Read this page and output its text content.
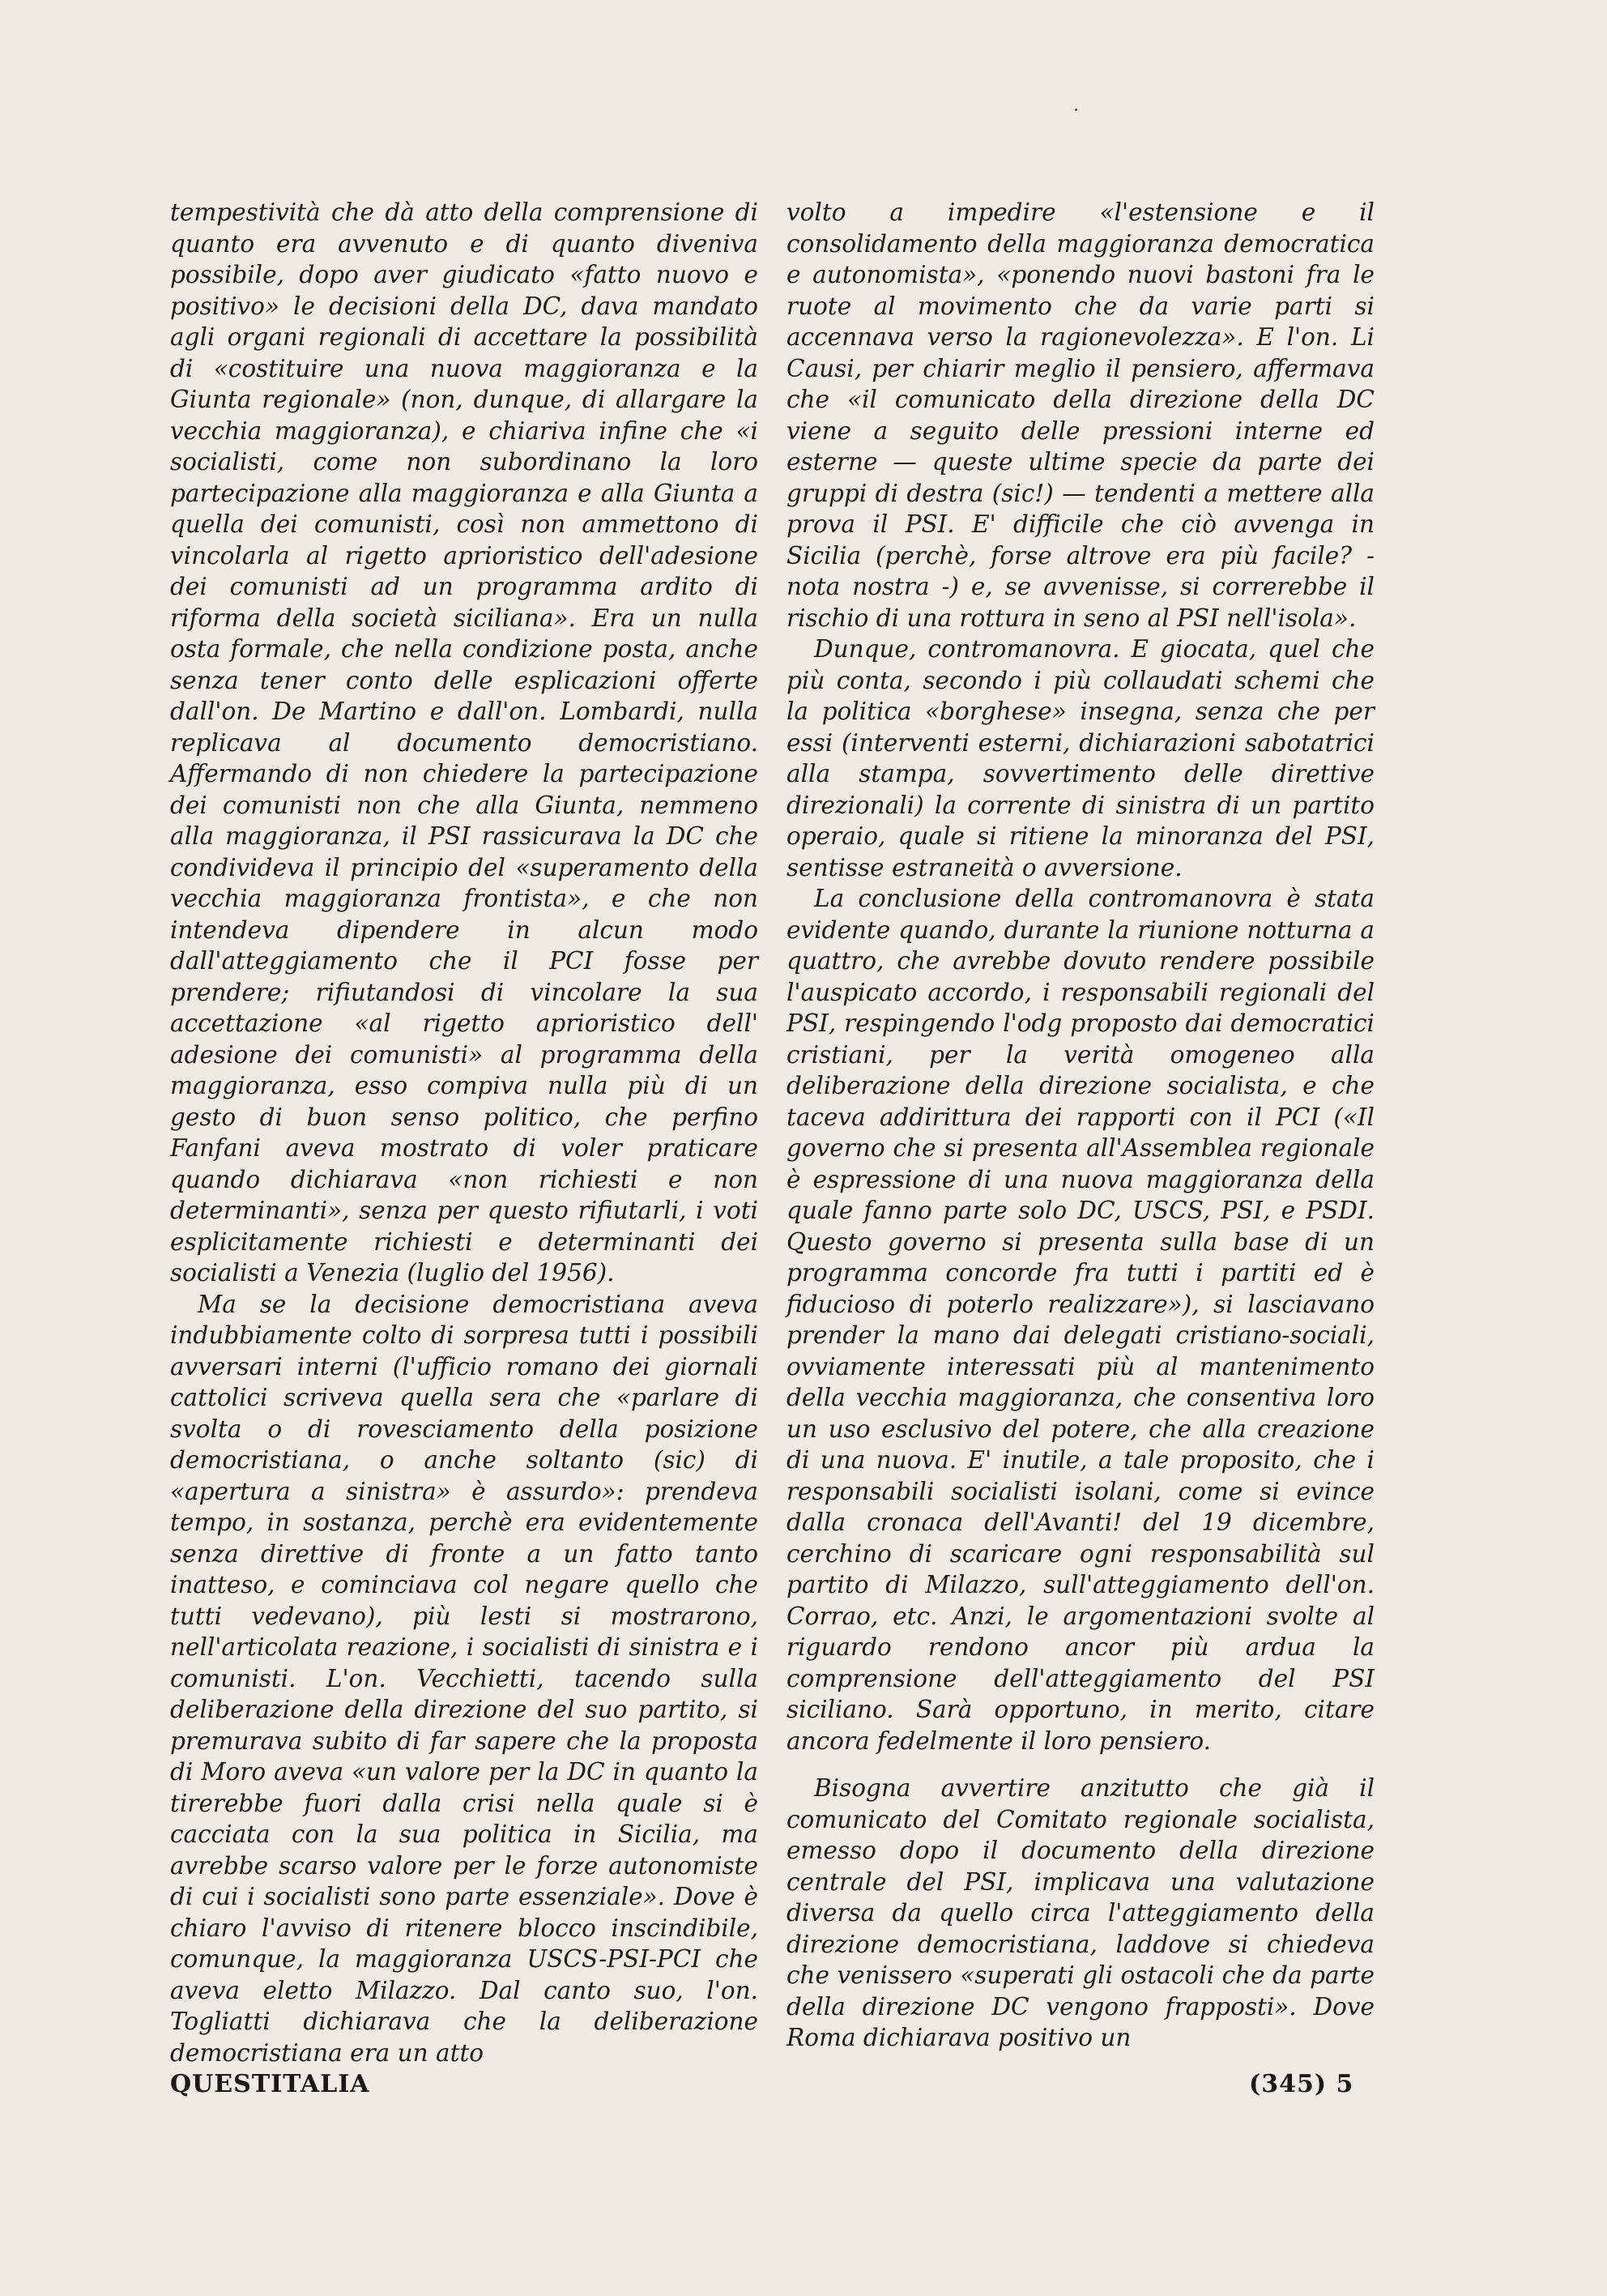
tempestività che dà atto della comprensione di quanto era avvenuto e di quanto diveniva possibile, dopo aver giudicato «fatto nuovo e positivo» le decisioni della DC, dava mandato agli organi regionali di accettare la possibilità di «costituire una nuova maggioranza e la Giunta regionale» (non, dunque, di allargare la vecchia maggioranza), e chiariva infine che «i socialisti, come non subordinano la loro partecipazione alla maggioranza e alla Giunta a quella dei comunisti, così non ammettono di vincolarla al rigetto aprioristico dell'adesione dei comunisti ad un programma ardito di riforma della società siciliana». Era un nulla osta formale, che nella condizione posta, anche senza tener conto delle esplicazioni offerte dall'on. De Martino e dall'on. Lombardi, nulla replicava al documento democristiano. Affermando di non chiedere la partecipazione dei comunisti non che alla Giunta, nemmeno alla maggioranza, il PSI rassicurava la DC che condivideva il principio del «superamento della vecchia maggioranza frontista», e che non intendeva dipendere in alcun modo dall'atteggiamento che il PCI fosse per prendere; rifiutandosi di vincolare la sua accettazione «al rigetto aprioristico dell' adesione dei comunisti» al programma della maggioranza, esso compiva nulla più di un gesto di buon senso politico, che perfino Fanfani aveva mostrato di voler praticare quando dichiarava «non richiesti e non determinanti», senza per questo rifiutarli, i voti esplicitamente richiesti e determinanti dei socialisti a Venezia (luglio del 1956).

Ma se la decisione democristiana aveva indubbiamente colto di sorpresa tutti i possibili avversari interni (l'ufficio romano dei giornali cattolici scriveva quella sera che «parlare di svolta o di rovesciamento della posizione democristiana, o anche soltanto (sic) di «apertura a sinistra» è assurdo»: prendeva tempo, in sostanza, perchè era evidentemente senza direttive di fronte a un fatto tanto inatteso, e cominciava col negare quello che tutti vedevano), più lesti si mostrarono, nell'articolata reazione, i socialisti di sinistra e i comunisti. L'on. Vecchietti, tacendo sulla deliberazione della direzione del suo partito, si premurava subito di far sapere che la proposta di Moro aveva «un valore per la DC in quanto la tirerebbe fuori dalla crisi nella quale si è cacciata con la sua politica in Sicilia, ma avrebbe scarso valore per le forze autonomiste di cui i socialisti sono parte essenziale». Dove è chiaro l'avviso di ritenere blocco inscindibile, comunque, la maggioranza USCS-PSI-PCI che aveva eletto Milazzo. Dal canto suo, l'on. Togliatti dichiarava che la deliberazione democristiana era un atto

volto a impedire «l'estensione e il consolidamento della maggioranza democratica e autonomista», «ponendo nuovi bastoni fra le ruote al movimento che da varie parti si accennava verso la ragionevolezza». E l'on. Li Causi, per chiarir meglio il pensiero, affermava che «il comunicato della direzione della DC viene a seguito delle pressioni interne ed esterne — queste ultime specie da parte dei gruppi di destra (sic!) — tendenti a mettere alla prova il PSI. E' difficile che ciò avvenga in Sicilia (perchè, forse altrove era più facile? - nota nostra -) e, se avvenisse, si correrebbe il rischio di una rottura in seno al PSI nell'isola».

Dunque, contromanovra. E giocata, quel che più conta, secondo i più collaudati schemi che la politica «borghese» insegna, senza che per essi (interventi esterni, dichiarazioni sabotatrici alla stampa, sovvertimento delle direttive direzionali) la corrente di sinistra di un partito operaio, quale si ritiene la minoranza del PSI, sentisse estraneità o avversione.

La conclusione della contromanovra è stata evidente quando, durante la riunione notturna a quattro, che avrebbe dovuto rendere possibile l'auspicato accordo, i responsabili regionali del PSI, respingendo l'odg proposto dai democratici cristiani, per la verità omogeneo alla deliberazione della direzione socialista, e che taceva addirittura dei rapporti con il PCI («Il governo che si presenta all'Assemblea regionale è espressione di una nuova maggioranza della quale fanno parte solo DC, USCS, PSI, e PSDI. Questo governo si presenta sulla base di un programma concorde fra tutti i partiti ed è fiducioso di poterlo realizzare»), si lasciavano prender la mano dai delegati cristiano-sociali, ovviamente interessati più al mantenimento della vecchia maggioranza, che consentiva loro un uso esclusivo del potere, che alla creazione di una nuova. E' inutile, a tale proposito, che i responsabili socialisti isolani, come si evince dalla cronaca dell'Avanti! del 19 dicembre, cerchino di scaricare ogni responsabilità sul partito di Milazzo, sull'atteggiamento dell'on. Corrao, etc. Anzi, le argomentazioni svolte al riguardo rendono ancor più ardua la comprensione dell'atteggiamento del PSI siciliano. Sarà opportuno, in merito, citare ancora fedelmente il loro pensiero.

Bisogna avvertire anzitutto che già il comunicato del Comitato regionale socialista, emesso dopo il documento della direzione centrale del PSI, implicava una valutazione diversa da quello circa l'atteggiamento della direzione democristiana, laddove si chiedeva che venissero «superati gli ostacoli che da parte della direzione DC vengono frapposti». Dove Roma dichiarava positivo un

QUESTITALIA	(345) 5
